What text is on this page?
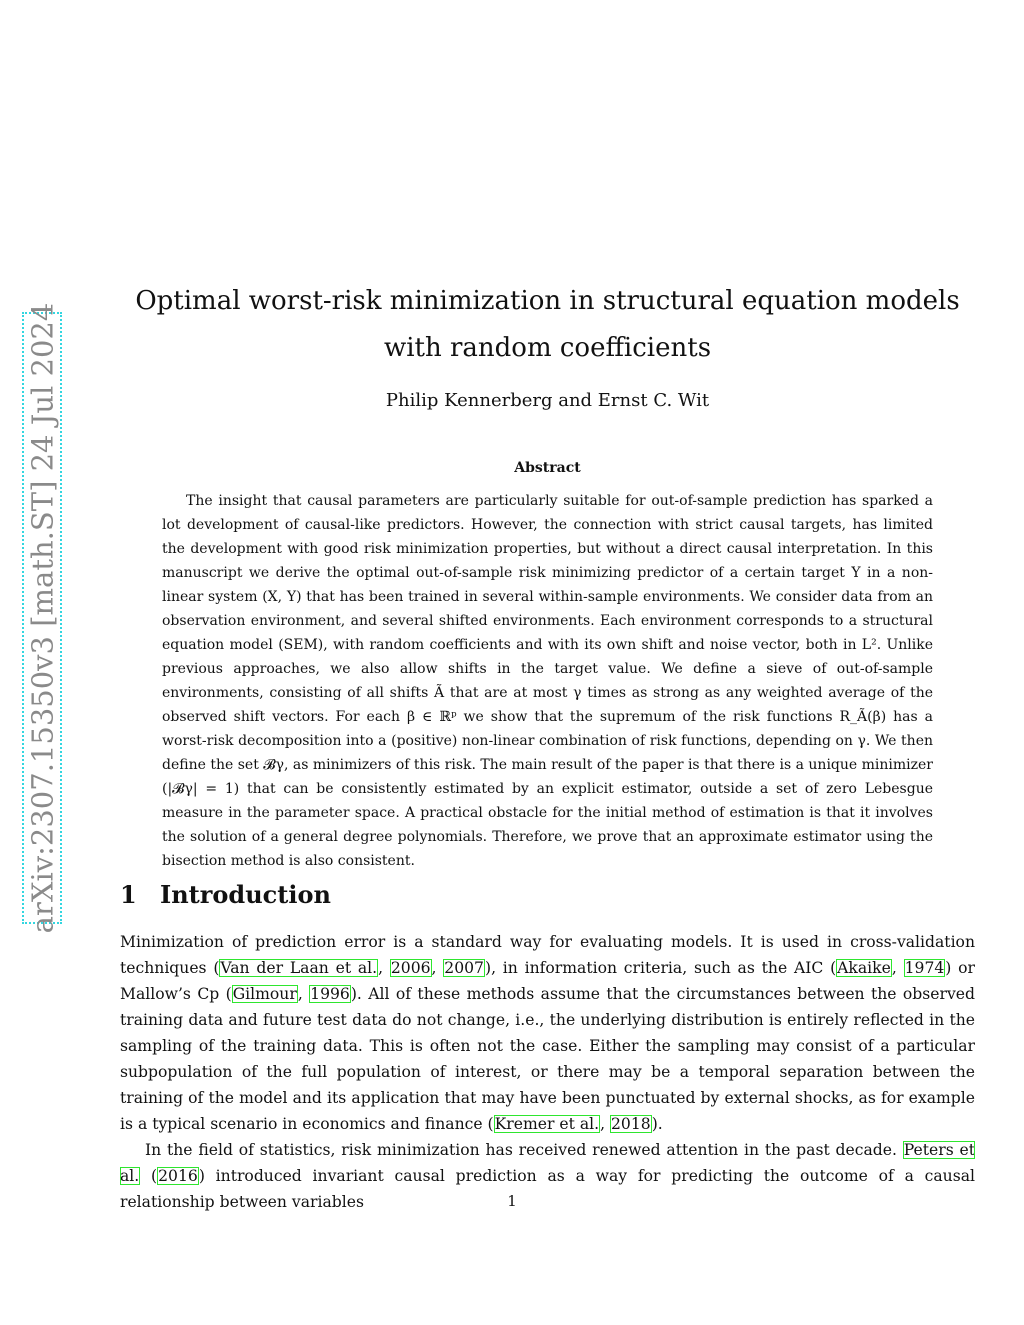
arXiv:2307.15350v3 [math.ST] 24 Jul 2024
Optimal worst-risk minimization in structural equation models with random coefficients
Philip Kennerberg and Ernst C. Wit
Abstract

The insight that causal parameters are particularly suitable for out-of-sample prediction has sparked a lot development of causal-like predictors. However, the connection with strict causal targets, has limited the development with good risk minimization properties, but without a direct causal interpretation. In this manuscript we derive the optimal out-of-sample risk minimizing predictor of a certain target Y in a non-linear system (X, Y) that has been trained in several within-sample environments. We consider data from an observation environment, and several shifted environments. Each environment corresponds to a structural equation model (SEM), with random coefficients and with its own shift and noise vector, both in L². Unlike previous approaches, we also allow shifts in the target value. We define a sieve of out-of-sample environments, consisting of all shifts Ã that are at most γ times as strong as any weighted average of the observed shift vectors. For each β ∈ ℝᵖ we show that the supremum of the risk functions R_Ã(β) has a worst-risk decomposition into a (positive) non-linear combination of risk functions, depending on γ. We then define the set 𝓑γ, as minimizers of this risk. The main result of the paper is that there is a unique minimizer (|𝓑γ| = 1) that can be consistently estimated by an explicit estimator, outside a set of zero Lebesgue measure in the parameter space. A practical obstacle for the initial method of estimation is that it involves the solution of a general degree polynomials. Therefore, we prove that an approximate estimator using the bisection method is also consistent.

1 Introduction

Minimization of prediction error is a standard way for evaluating models. It is used in cross-validation techniques (Van der Laan et al., 2006, 2007), in information criteria, such as the AIC (Akaike, 1974) or Mallow’s Cp (Gilmour, 1996). All of these methods assume that the circumstances between the observed training data and future test data do not change, i.e., the underlying distribution is entirely reflected in the sampling of the training data. This is often not the case. Either the sampling may consist of a particular subpopulation of the full population of interest, or there may be a temporal separation between the training of the model and its application that may have been punctuated by external shocks, as for example is a typical scenario in economics and finance (Kremer et al., 2018).

In the field of statistics, risk minimization has received renewed attention in the past decade. Peters et al. (2016) introduced invariant causal prediction as a way for predicting the outcome of a causal relationship between variables	1
